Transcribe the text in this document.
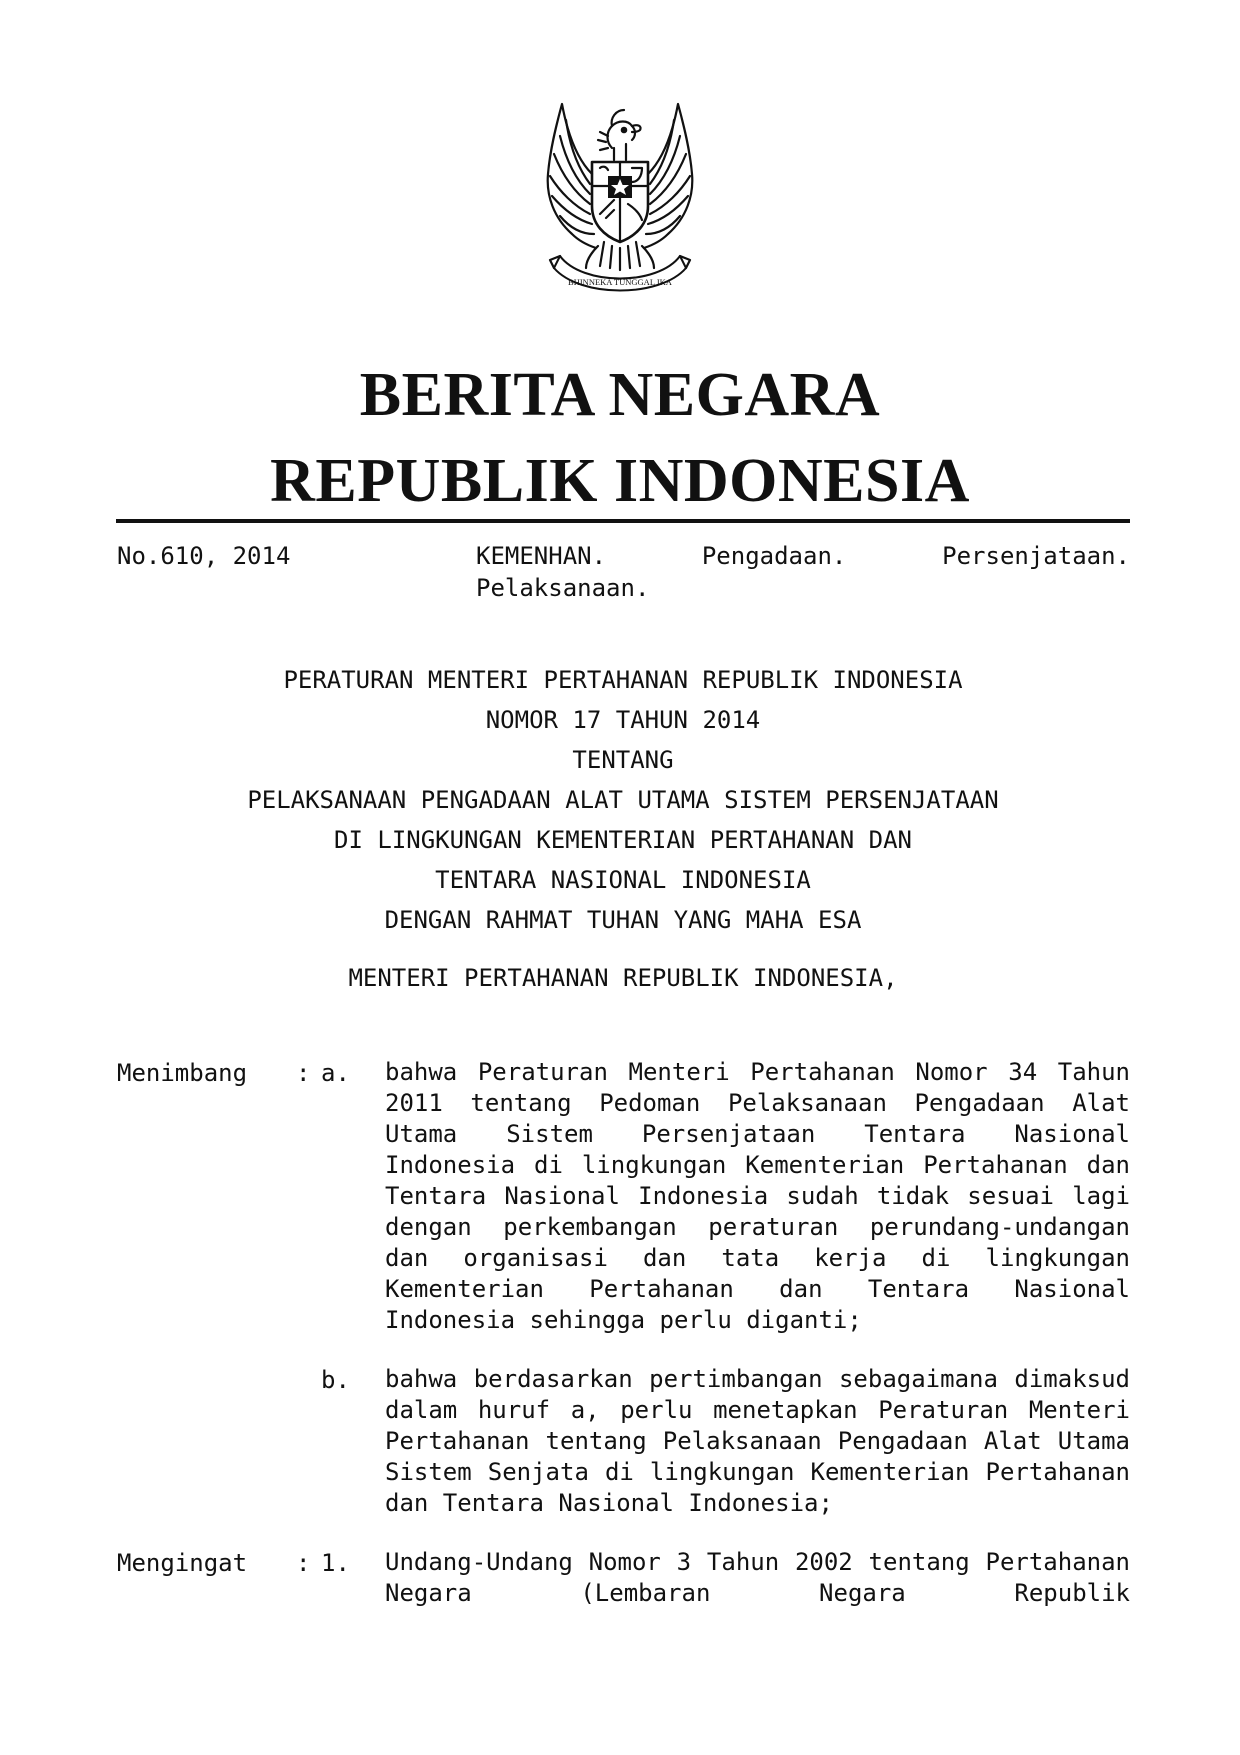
BHINNEKA TUNGGAL IKA
BERITA NEGARA
REPUBLIK INDONESIA
No.610, 2014	KEMENHAN. Pengadaan. Persenjataan. Pelaksanaan.
PERATURAN MENTERI PERTAHANAN REPUBLIK INDONESIA
NOMOR 17 TAHUN 2014
TENTANG
PELAKSANAAN PENGADAAN ALAT UTAMA SISTEM PERSENJATAAN
DI LINGKUNGAN KEMENTERIAN PERTAHANAN DAN
TENTARA NASIONAL INDONESIA
DENGAN RAHMAT TUHAN YANG MAHA ESA
MENTERI PERTAHANAN REPUBLIK INDONESIA,
Menimbang : a. bahwa Peraturan Menteri Pertahanan Nomor 34 Tahun 2011 tentang Pedoman Pelaksanaan Pengadaan Alat Utama Sistem Persenjataan Tentara Nasional Indonesia di lingkungan Kementerian Pertahanan dan Tentara Nasional Indonesia sudah tidak sesuai lagi dengan perkembangan peraturan perundang-undangan dan organisasi dan tata kerja di lingkungan Kementerian Pertahanan dan Tentara Nasional Indonesia sehingga perlu diganti;
b. bahwa berdasarkan pertimbangan sebagaimana dimaksud dalam huruf a, perlu menetapkan Peraturan Menteri Pertahanan tentang Pelaksanaan Pengadaan Alat Utama Sistem Senjata di lingkungan Kementerian Pertahanan dan Tentara Nasional Indonesia;
Mengingat : 1. Undang-Undang Nomor 3 Tahun 2002 tentang Pertahanan Negara (Lembaran Negara Republik
